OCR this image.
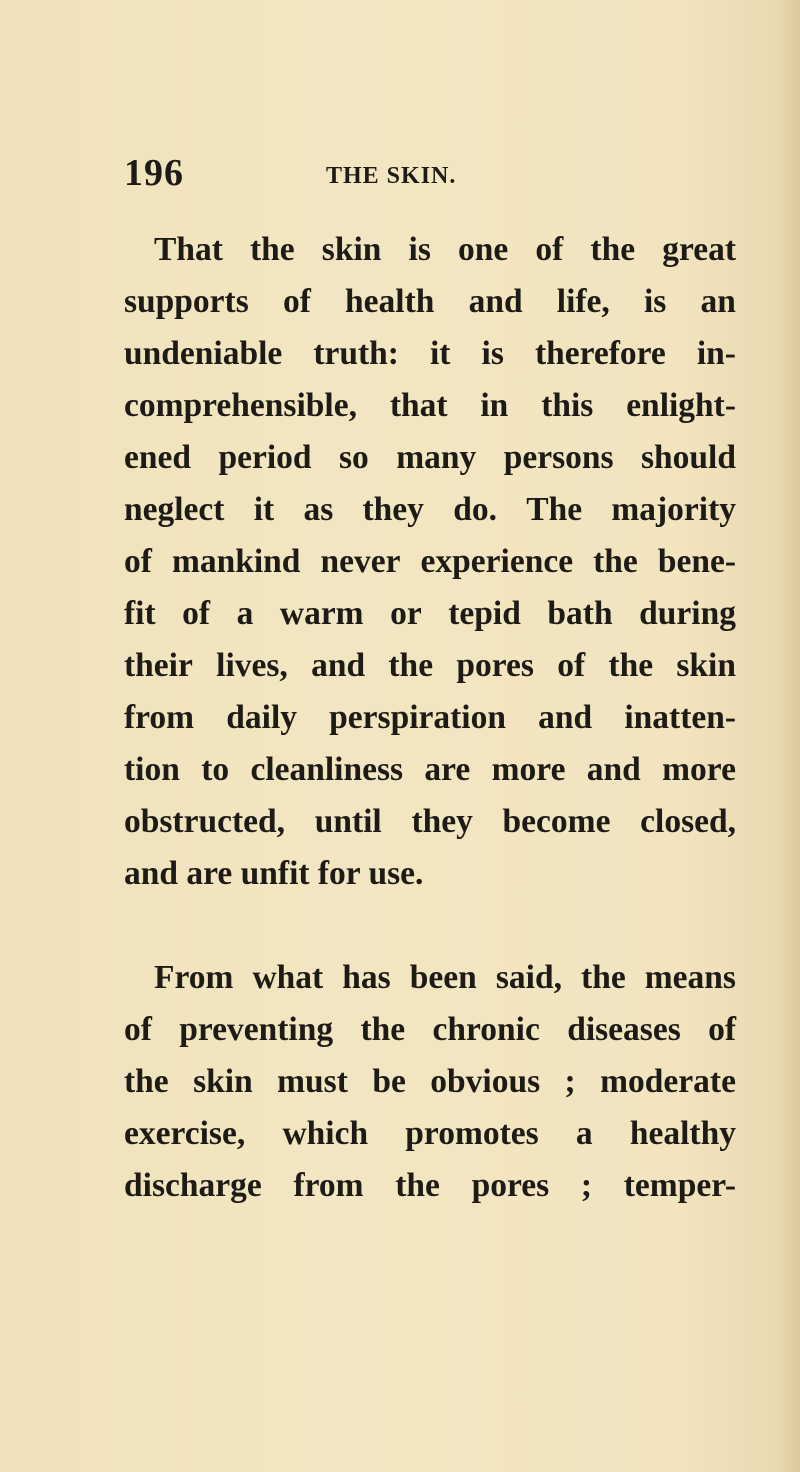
196	THE SKIN.
That the skin is one of the great
supports of health and life, is an
undeniable truth: it is therefore in-
comprehensible, that in this enlight-
ened period so many persons should
neglect it as they do. The majority
of mankind never experience the bene-
fit of a warm or tepid bath during
their lives, and the pores of the skin
from daily perspiration and inatten-
tion to cleanliness are more and more
obstructed, until they become closed,
and are unfit for use.
From what has been said, the means
of preventing the chronic diseases of
the skin must be obvious ; moderate
exercise, which promotes a healthy
discharge from the pores ; temper-
